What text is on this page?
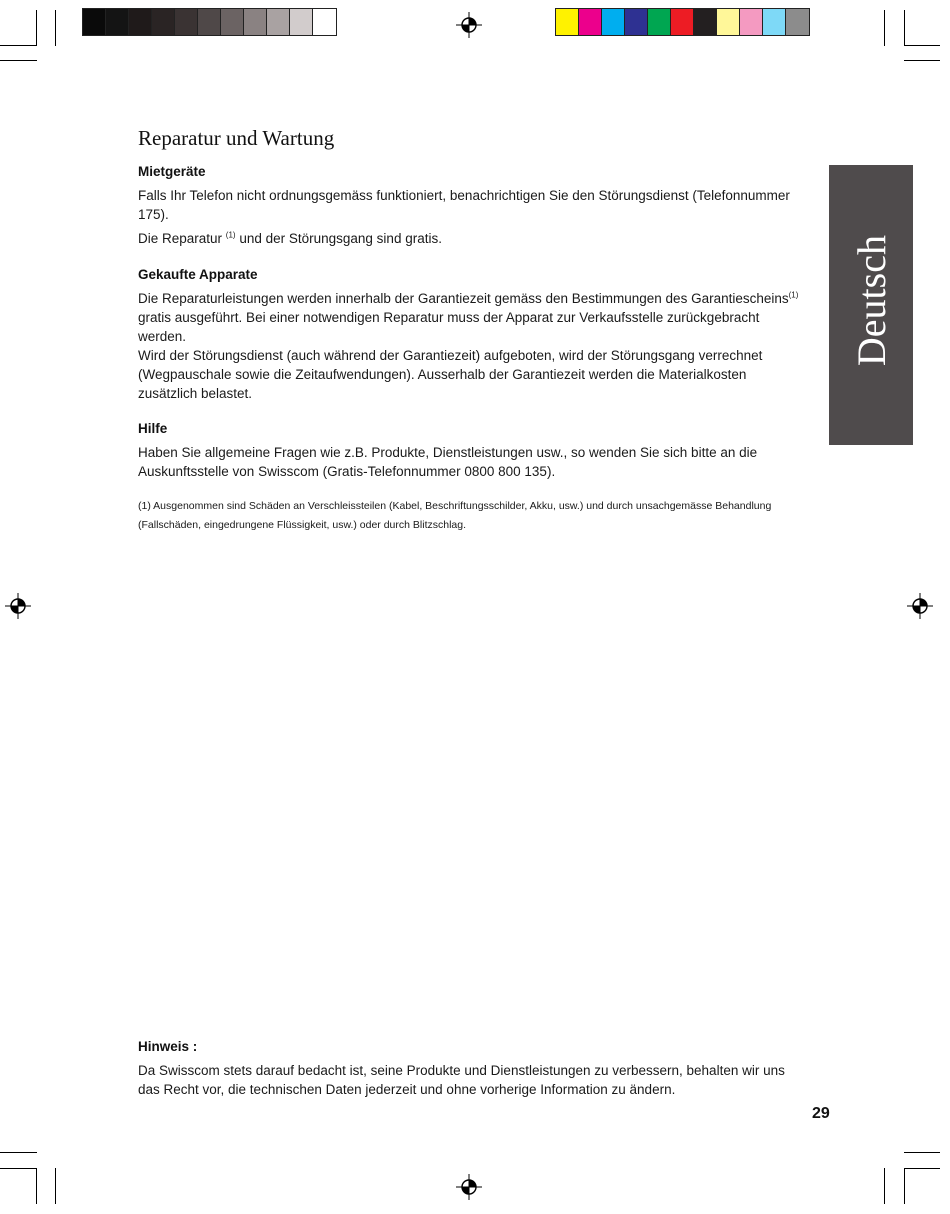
Reparatur und Wartung
Mietgeräte

Falls Ihr Telefon nicht ordnungsgemäss funktioniert, benachrichtigen Sie den Störungsdienst (Telefonnummer 175).

Die Reparatur $^{(1)}$ und der Störungsgang sind gratis.

Gekaufte Apparate

Die Reparaturleistungen werden innerhalb der Garantiezeit gemäss den Bestimmungen des Garantiescheins$^{(1)}$ gratis ausgeführt. Bei einer notwendigen Reparatur muss der Apparat zur Verkaufsstelle zurückgebracht werden.

Wird der Störungsdienst (auch während der Garantiezeit) aufgeboten, wird der Störungsgang verrechnet (Wegpauschale sowie die Zeitaufwendungen). Ausserhalb der Garantiezeit werden die Materialkosten zusätzlich belastet.

Hilfe

Haben Sie allgemeine Fragen wie z.B. Produkte, Dienstleistungen usw., so wenden Sie sich bitte an die Auskunftsstelle von Swisscom (Gratis-Telefonnummer 0800 800 135).

(1) Ausgenommen sind Schäden an Verschleissteilen (Kabel, Beschriftungsschilder, Akku, usw.) und durch unsachgemässe Behandlung (Fallschäden, eingedrungene Flüssigkeit, usw.) oder durch Blitzschlag.

Hinweis :

Da Swisscom stets darauf bedacht ist, seine Produkte und Dienstleistungen zu verbessern, behalten wir uns das Recht vor, die technischen Daten jederzeit und ohne vorherige Information zu ändern.

Deutsch
29
